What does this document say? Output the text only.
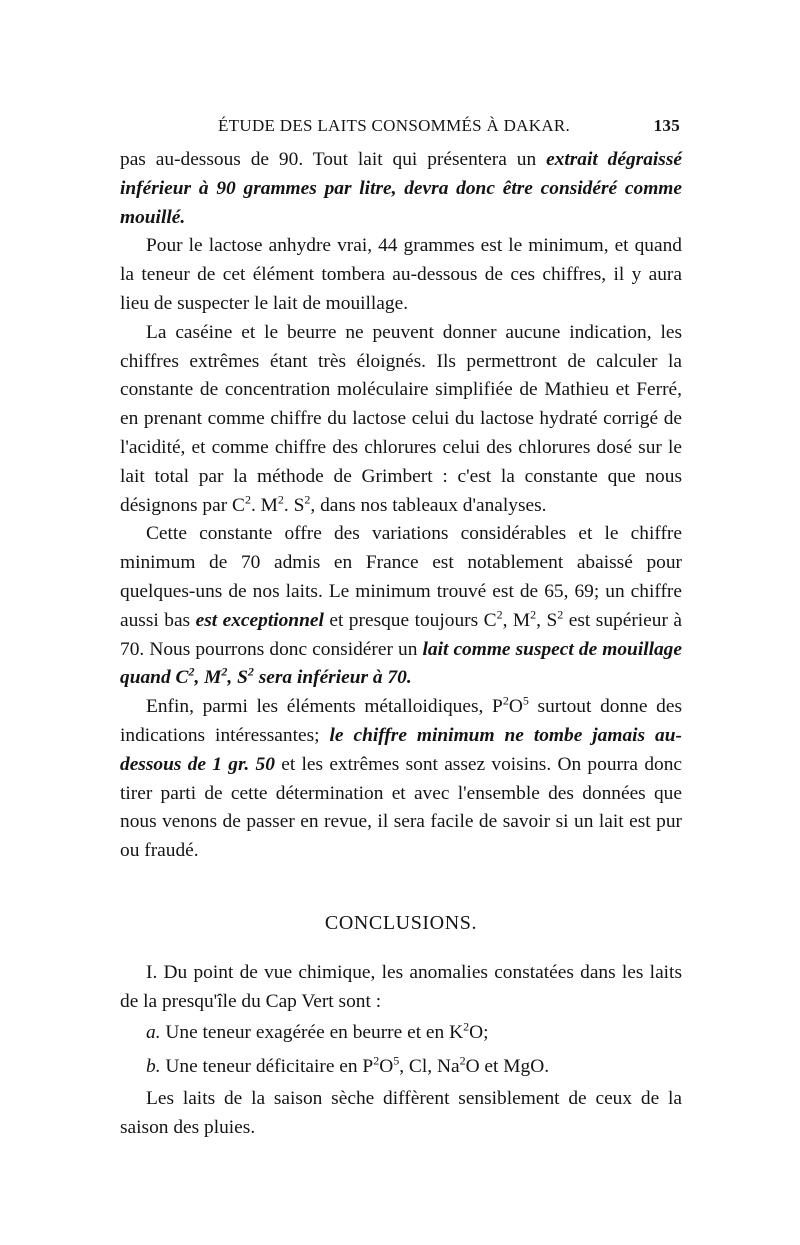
ÉTUDE DES LAITS CONSOMMÉS À DAKAR.	135

pas au-dessous de 90. Tout lait qui présentera un extrait dégraissé inférieur à 90 grammes par litre, devra donc être considéré comme mouillé.

Pour le lactose anhydre vrai, 44 grammes est le minimum, et quand la teneur de cet élément tombera au-dessous de ces chiffres, il y aura lieu de suspecter le lait de mouillage.

La caséine et le beurre ne peuvent donner aucune indication, les chiffres extrêmes étant très éloignés. Ils permettront de calculer la constante de concentration moléculaire simplifiée de Mathieu et Ferré, en prenant comme chiffre du lactose celui du lactose hydraté corrigé de l'acidité, et comme chiffre des chlorures celui des chlorures dosé sur le lait total par la méthode de Grimbert : c'est la constante que nous désignons par $C^2$. $M^2$. $S^2$, dans nos tableaux d'analyses.

Cette constante offre des variations considérables et le chiffre minimum de 70 admis en France est notablement abaissé pour quelques-uns de nos laits. Le minimum trouvé est de 65, 69; un chiffre aussi bas est exceptionnel et presque toujours $C^2$, $M^2$, $S^2$ est supérieur à 70. Nous pourrons donc considérer un lait comme suspect de mouillage quand $C^2$, $M^2$, $S^2$ sera inférieur à 70.

Enfin, parmi les éléments métalloidiques, $P^2O^5$ surtout donne des indications intéressantes; le chiffre minimum ne tombe jamais au-dessous de 1 gr. 50 et les extrêmes sont assez voisins. On pourra donc tirer parti de cette détermination et avec l'ensemble des données que nous venons de passer en revue, il sera facile de savoir si un lait est pur ou fraudé.

CONCLUSIONS.

I. Du point de vue chimique, les anomalies constatées dans les laits de la presqu'île du Cap Vert sont :

a. Une teneur exagérée en beurre et en $K^2O$;

b. Une teneur déficitaire en $P^2O^5$, Cl, Na$^2$O et MgO.

Les laits de la saison sèche diffèrent sensiblement de ceux de la saison des pluies.
